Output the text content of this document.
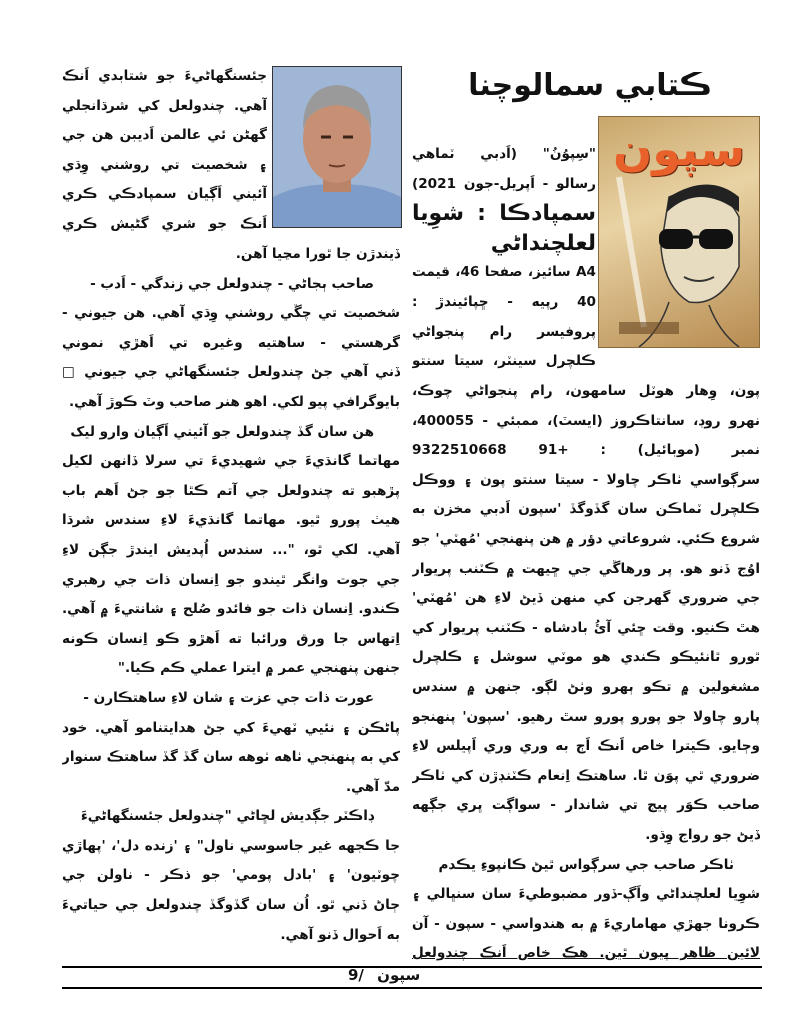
ڪتابي سمالوچنا
سپون
"سِپوُنُ" (اَدبي ٽماهي
رسالو - اَپريل-جون 2021)
سمپادڪا : شوِيا
لعلچنداڻي
A4 سائيز، صفحا 46، قيمت
40 رپيه - ڇپائيندڙ :
پروفيسر رام پنجواڻي
ڪلچرل سينٽر، سيتا سنتو
پون، وِهار هوٽل سامهون، رام پنجواڻي چوڪ،
نهرو روڊ، سانتاڪروز (ايسٽ)، ممبئي - 400055،
نمبر (موبائيل) : +91 9322510668
سرڳواسي ٺاڪر چاولا - سيتا سنتو پون ۽ ووڪل
ڪلچرل ٽماڪن سان گڏوگڏ 'سپون اَدبي مخزن به
شروع ڪئي. شروعاتي دؤر ۾ هن پنهنجي 'مُهٽي' جو
اوُج ڏنو هو. پر ورهاڱي جي ڇيهت ۾ ڪٽنب پريوار
جي ضروري گهرجن کي منهن ڏيڻ لاءِ هن 'مُهٽي'
هٿ ڪنيو. وقت ڇئي آئُ بادشاه - ڪٽنب پريوار کي
ٿورو ٿانئيڪو ڪندي هو موٽي سوشل ۽ ڪلچرل
مشغولين ۾ تڪو ٻهرو وٺڻ لڳو. جنهن ۾ سندس
پارو چاولا جو پورو پورو سٿ رهيو. 'سپون' پنهنجو
وڄايو. ڪيترا خاص اَنڪ اَڄ به وري وري اَپيلس لاءِ
ضروري ٿي پوَن ٿا. ساهتڪ اِنعام ڪٽنڊڙن کي ٺاڪر
صاحب ڪوَر پيج تي شاندار - سواڳت ڀري جڳهه
ڏيڻ جو رواج وِڌو.
ٺاڪر صاحب جي سرڳواس ٿيڻ ڪانپوءِ يڪدم
شوِيا لعلچنداڻي واَڳ-ڏور مضبوطيءَ سان سنڀالي ۽
ڪرونا جهڙي مهاماريءَ ۾ به هندواسي - سپون - آن
لائين ظاهر پيون ٿين. هڪ خاص اَنڪ چندولعل
جئسنگهاڻيءَ جو شتابدي اَنڪ
آهي. چندولعل کي شرڌانجلي
گهڻن ئي عالمن اَديبن هن جي
۽ شخصيت تي روشني وِڌي
آئيني اَڳيان سمپادڪي ڪري
اَنڪ جو شري گڻيش ڪري
ڏيندڙن جا ٿورا مڃيا آهن.
صاحب ٻجاڻي - چندولعل جي زندگي - اَدب -
شخصيت تي چڱي روشني وِڌي آهي. هن جيوني -
گرهستي - ساهتيه وغيره تي اَهڙي نموني
ڏني آهي جڻ چندولعل جئسنگهاڻي جي جيوني □
بايوگرافي پيو لکي. اهو هنر صاحب وٽ ڪوڙ آهي.
هن سان گڏ چندولعل جو آئيني اَڳيان وارو ليک
مهاتما گانڌيءَ جي شهيديءَ تي سرلا ڏانهن لکيل
پڙهبو ته چندولعل جي آتم ڪٿا جو جڻ اَهم باب
هيٺ پورو ٿيو. مهاتما گانڌيءَ لاءِ سندس شرڌا
آهي. لکي ٿو، "... سندس اُپديش ايندڙ جڳن لاءِ
جي جوت وانگر ٿيندو جو اِنسان ذات جي رهبري
ڪندو. اِنسان ذات جو فائدو صُلح ۽ شانتيءَ ۾ آهي.
اِتهاس جا ورق ورائبا ته اَهڙو ڪو اِنسان ڪونه
جنهن پنهنجي عمر ۾ ايترا عملي ڪم ڪيا."
عورت ذات جي عزت ۽ شان لاءِ ساهتڪارن -
پاڻڪن ۽ نئيي ٽهيءَ کي جڻ هدايتنامو آهي. خود
کي به پنهنجي ٺاهه ٺوهه سان گڏ گڏ ساهتڪ سنوار
مدّ آهي.
ڊاڪٽر جڳديش لڇاڻي "چندولعل جئسنگهاڻيءَ
جا ڪجهه غير جاسوسي ناول" ۽ 'زنده دل'، 'پهاڙي
چوٽيون' ۽ 'بادل پومي' جو ذڪر - ناولن جي
ڄاڻ ڏني ٿو. اُن سان گڏوگڏ چندولعل جي حياتيءَ
به اَحوال ڏنو آهي.
سپون 9/
